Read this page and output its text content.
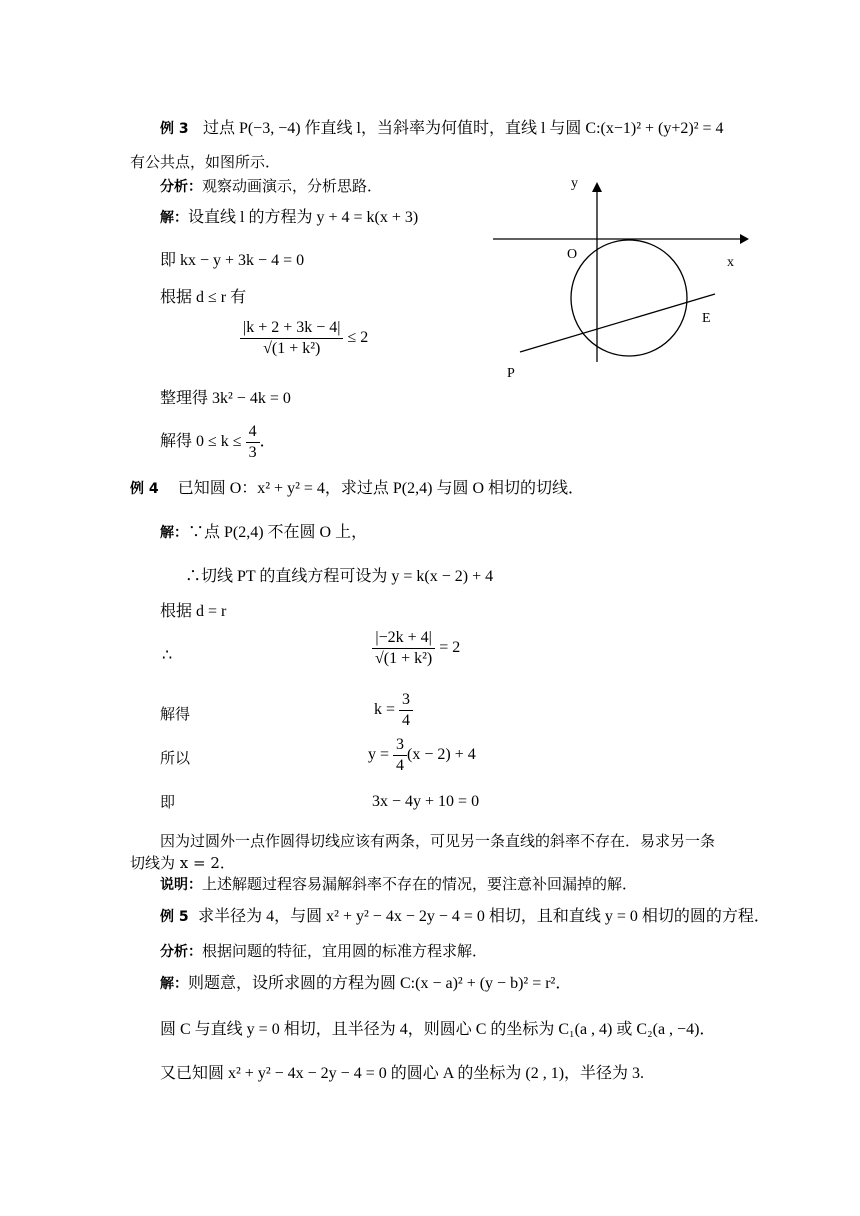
例 3 过点 P(−3, −4) 作直线 l，当斜率为何值时，直线 l 与圆 C:(x−1)² + (y+2)² = 4
有公共点，如图所示．
分析：观察动画演示，分析思路．
解：设直线 l 的方程为 y + 4 = k(x + 3)
即 kx − y + 3k − 4 = 0
根据 d ≤ r 有
$\frac{|k + 2 + 3k - 4|}{\text{√(1 + k²)}} \le 2$
整理得 3k² − 4k = 0
解得 $0 \le k \le \frac{4}{3}$ ．
y
x
O
E
P
例 4 已知圆 O：x² + y² = 4，求过点 P(2,4) 与圆 O 相切的切线．
解：∵点 P(2,4) 不在圆 O 上，
∴切线 PT 的直线方程可设为 y = k(x − 2) + 4
根据 d = r
∴	$\frac{|-2k + 4|}{\text{√(1 + k²)}} = 2$
解得	$k = \frac{3}{4}$
所以	$y = \frac{3}{4} (x - 2) + 4$
即	3x − 4y + 10 = 0
因为过圆外一点作圆得切线应该有两条，可见另一条直线的斜率不存在．易求另一条
切线为 x = 2．
说明：上述解题过程容易漏解斜率不存在的情况，要注意补回漏掉的解．
例 5 求半径为 4，与圆 x² + y² − 4x − 2y − 4 = 0 相切，且和直线 y = 0 相切的圆的方程．
分析：根据问题的特征，宜用圆的标准方程求解．
解：则题意，设所求圆的方程为圆 C:(x − a)² + (y − b)² = r²．
圆 C 与直线 y = 0 相切，且半径为 4，则圆心 C 的坐标为 C₁(a , 4) 或 C₂(a , −4)．
又已知圆 x² + y² − 4x − 2y − 4 = 0 的圆心 A 的坐标为 (2 , 1)，半径为 3.
